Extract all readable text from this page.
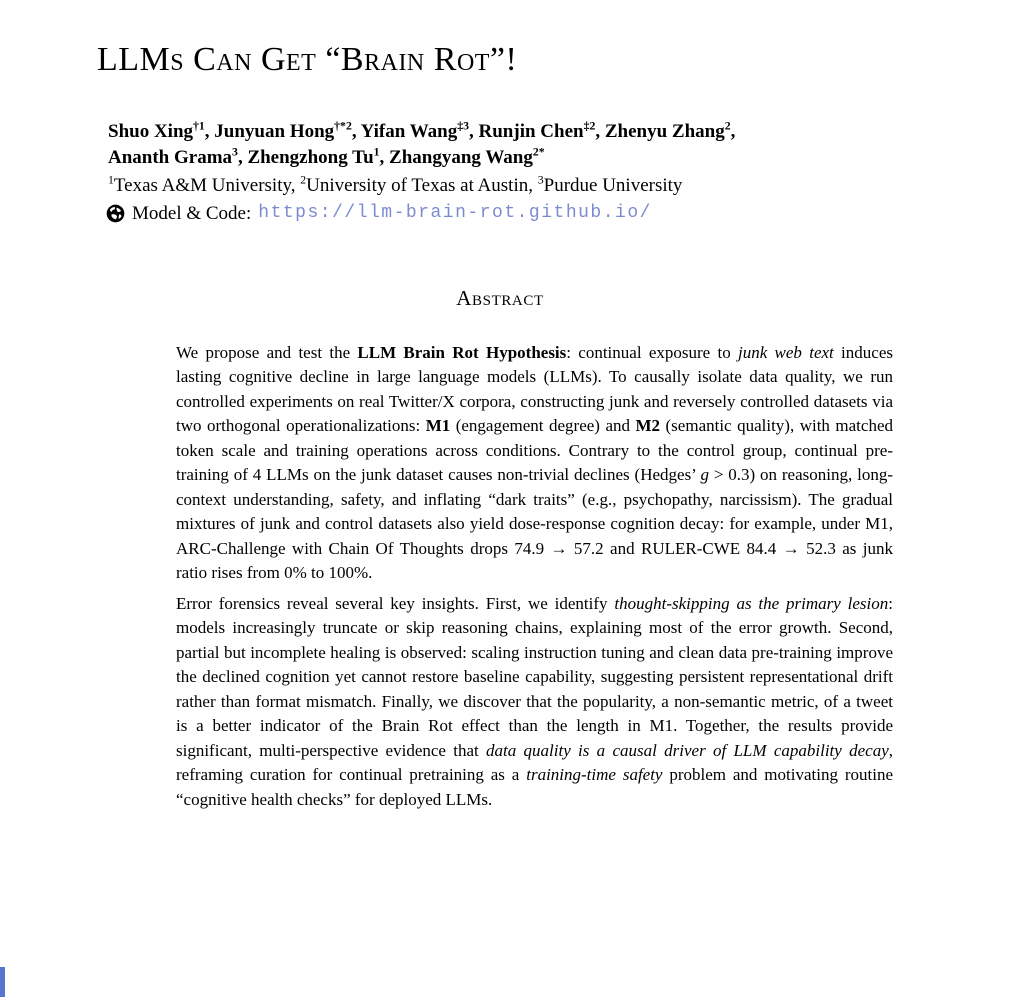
LLMs Can Get “Brain Rot”!
Shuo Xing$^{\dagger 1}$, Junyuan Hong$^{\dagger*2}$, Yifan Wang$^{\ddagger 3}$, Runjin Chen$^{\ddagger 2}$, Zhenyu Zhang$^2$,
Ananth Grama$^3$, Zhengzhong Tu$^1$, Zhangyang Wang$^{2*}$
$^1$Texas A&M University, $^2$University of Texas at Austin, $^3$Purdue University
Model & Code: https://llm-brain-rot.github.io/
Abstract

We propose and test the LLM Brain Rot Hypothesis: continual exposure to junk web text induces lasting cognitive decline in large language models (LLMs). To causally isolate data quality, we run controlled experiments on real Twitter/X corpora, constructing junk and reversely controlled datasets via two orthogonal operationalizations: M1 (engagement degree) and M2 (semantic quality), with matched token scale and training operations across conditions. Contrary to the control group, continual pre-training of 4 LLMs on the junk dataset causes non-trivial declines (Hedges’ g > 0.3) on reasoning, long-context understanding, safety, and inflating “dark traits” (e.g., psychopathy, narcissism). The gradual mixtures of junk and control datasets also yield dose-response cognition decay: for example, under M1, ARC-Challenge with Chain Of Thoughts drops 74.9 → 57.2 and RULER-CWE 84.4 → 52.3 as junk ratio rises from 0% to 100%.

Error forensics reveal several key insights. First, we identify thought-skipping as the primary lesion: models increasingly truncate or skip reasoning chains, explaining most of the error growth. Second, partial but incomplete healing is observed: scaling instruction tuning and clean data pre-training improve the declined cognition yet cannot restore baseline capability, suggesting persistent representational drift rather than format mismatch. Finally, we discover that the popularity, a non-semantic metric, of a tweet is a better indicator of the Brain Rot effect than the length in M1. Together, the results provide significant, multi-perspective evidence that data quality is a causal driver of LLM capability decay, reframing curation for continual pretraining as a training-time safety problem and motivating routine “cognitive health checks” for deployed LLMs.
